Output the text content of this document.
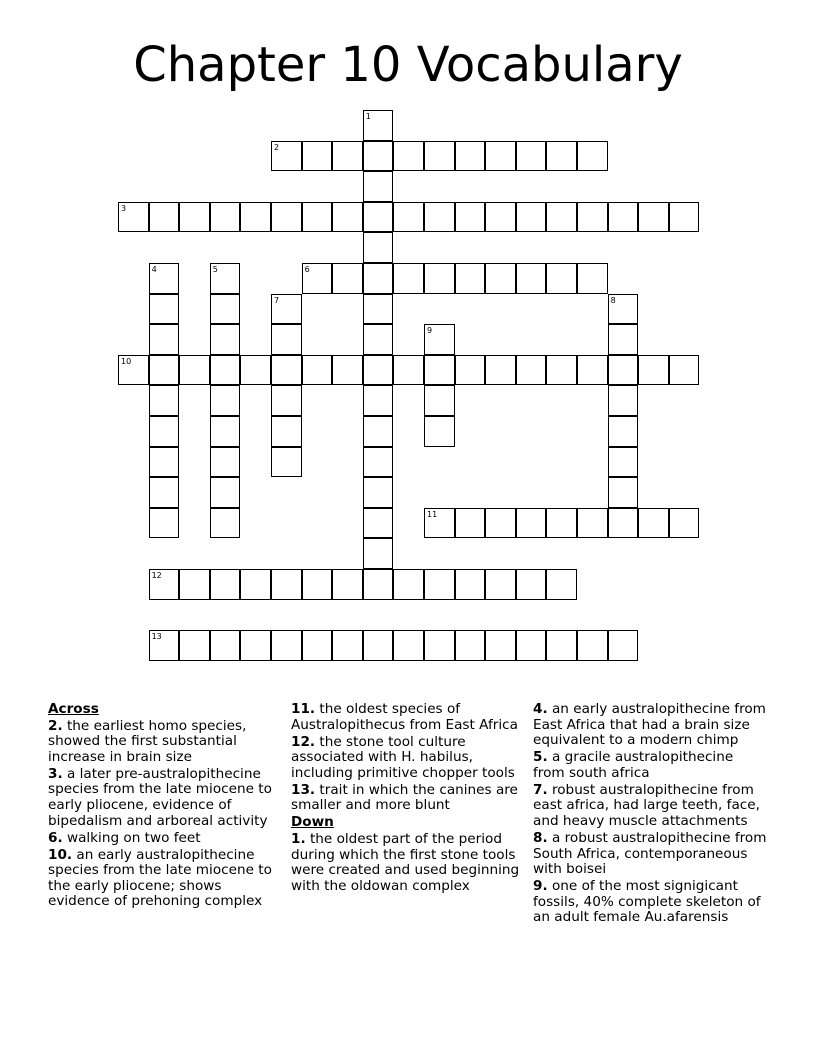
Chapter 10 Vocabulary
1
2
3
4	5	6
7	8
9
10
11
12
13
Across
2. the earliest homo species, showed the first substantial increase in brain size
3. a later pre-australopithecine species from the late miocene to early pliocene, evidence of bipedalism and arboreal activity
6. walking on two feet
10. an early australopithecine species from the late miocene to the early pliocene; shows evidence of prehoning complex
11. the oldest species of Australopithecus from East Africa
12. the stone tool culture associated with H. habilus, including primitive chopper tools
13. trait in which the canines are smaller and more blunt
Down
1. the oldest part of the period during which the first stone tools were created and used beginning with the oldowan complex
4. an early australopithecine from East Africa that had a brain size equivalent to a modern chimp
5. a gracile australopithecine from south africa
7. robust australopithecine from east africa, had large teeth, face, and heavy muscle attachments
8. a robust australopithecine from South Africa, contemporaneous with boisei
9. one of the most signigicant fossils, 40% complete skeleton of an adult female Au.afarensis
